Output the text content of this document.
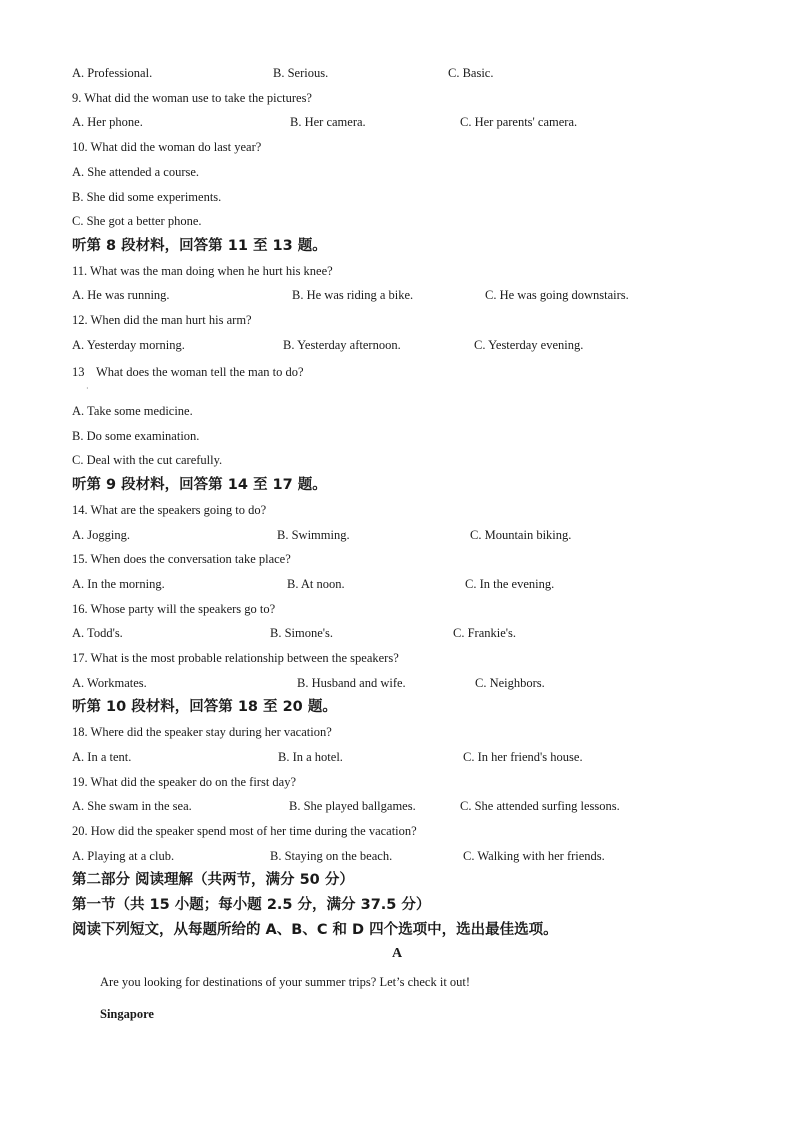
A. Professional.	B. Serious.	C. Basic.
9. What did the woman use to take the pictures?
A. Her phone.	B. Her camera.	C. Her parents' camera.
10. What did the woman do last year?
A. She attended a course.
B. She did some experiments.
C. She got a better phone.
听第 8 段材料，回答第 11 至 13 题。
11. What was the man doing when he hurt his knee?
A. He was running.	B. He was riding a bike.	C. He was going downstairs.
12. When did the man hurt his arm?
A. Yesterday morning.	B. Yesterday afternoon.	C. Yesterday evening.
13 What does the woman tell the man to do?
·
A. Take some medicine.
B. Do some examination.
C. Deal with the cut carefully.
听第 9 段材料，回答第 14 至 17 题。
14. What are the speakers going to do?
A. Jogging.	B. Swimming.	C. Mountain biking.
15. When does the conversation take place?
A. In the morning.	B. At noon.	C. In the evening.
16. Whose party will the speakers go to?
A. Todd's.	B. Simone's.	C. Frankie's.
17. What is the most probable relationship between the speakers?
A. Workmates.	B. Husband and wife.	C. Neighbors.
听第 10 段材料，回答第 18 至 20 题。
18. Where did the speaker stay during her vacation?
A. In a tent.	B. In a hotel.	C. In her friend's house.
19. What did the speaker do on the first day?
A. She swam in the sea.	B. She played ballgames.	C. She attended surfing lessons.
20. How did the speaker spend most of her time during the vacation?
A. Playing at a club.	B. Staying on the beach.	C. Walking with her friends.
第二部分 阅读理解（共两节，满分 50 分）
第一节（共 15 小题；每小题 2.5 分，满分 37.5 分）
阅读下列短文，从每题所给的 A、B、C 和 D 四个选项中，选出最佳选项。
A
Are you looking for destinations of your summer trips? Let’s check it out!
Singapore
